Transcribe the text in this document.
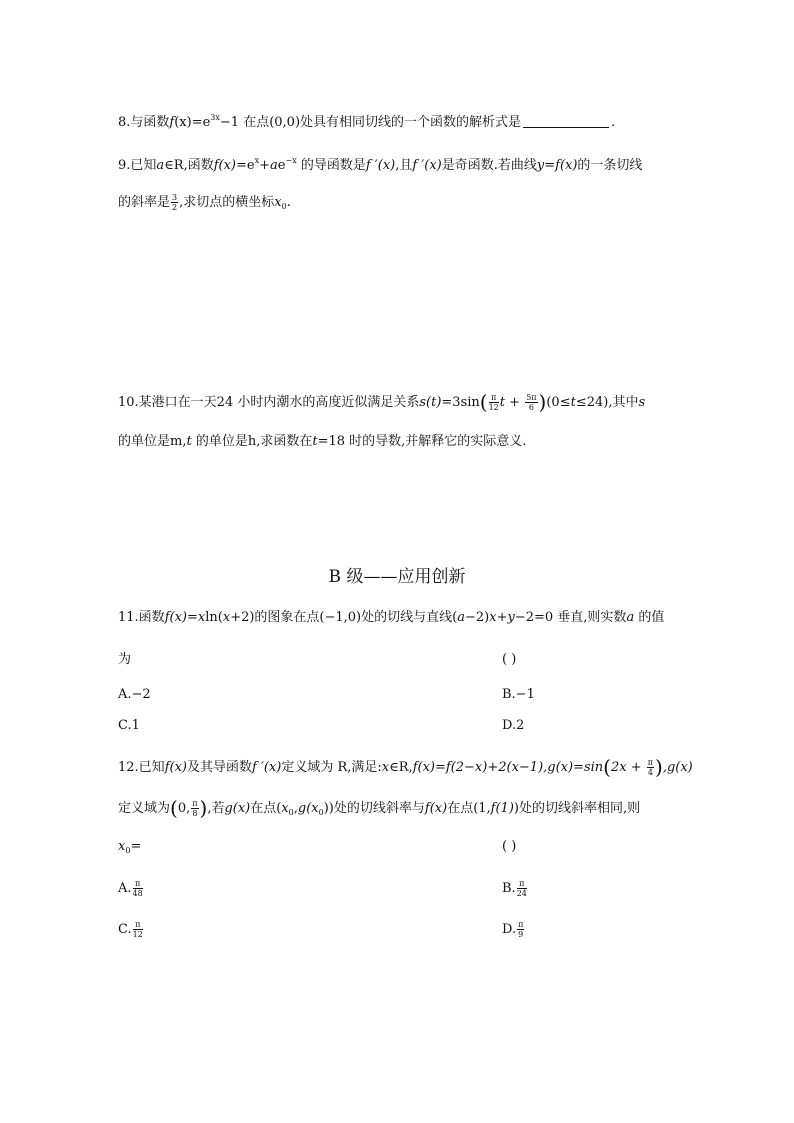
8.与函数$f(x)=e^{3x}-1$ 在点(0,0)处具有相同切线的一个函数的解析式是	.
9.已知a∈R,函数$f(x)=e^x+ae^{-x}$ 的导函数是f ′(x),且f ′(x)是奇函数.若曲线y=f(x)的一条切线
的斜率是 $\frac{3}{2}$ ,求切点的横坐标$x_0$.
10.某港口在一天24 小时内潮水的高度近似满足关系$s(t)=3\sin( \frac{\pi}{12}$ $t + \frac{5\pi}{6} )(0\le t\le 24)$,其中s
的单位是m,t 的单位是h,求函数在t=18 时的导数,并解释它的实际意义.
B 级——应用创新
11.函数f(x)=xln(x+2)的图象在点(−1,0)处的切线与直线(a−2)x+y−2=0 垂直,则实数a 的值
为	( )
A.−2	B.−1
C.1	D.2
12.已知f(x)及其导函数f ′(x)定义域为 R,满足:x∈R,f(x)=f(2−x)+2(x−1),g(x)=sin(2x + $\frac{\pi}{4} ),g(x)$
定义域为(0, $\frac{\pi}{8}$ ),若g(x)在点$(x_0,g(x_0))$处的切线斜率与f(x)在点(1,f(1))处的切线斜率相同,则
$x_0=$	( )
A. $\frac{\pi}{48}$	B. $\frac{\pi}{24}$
C. $\frac{\pi}{12}$	D. $\frac{\pi}{9}$
